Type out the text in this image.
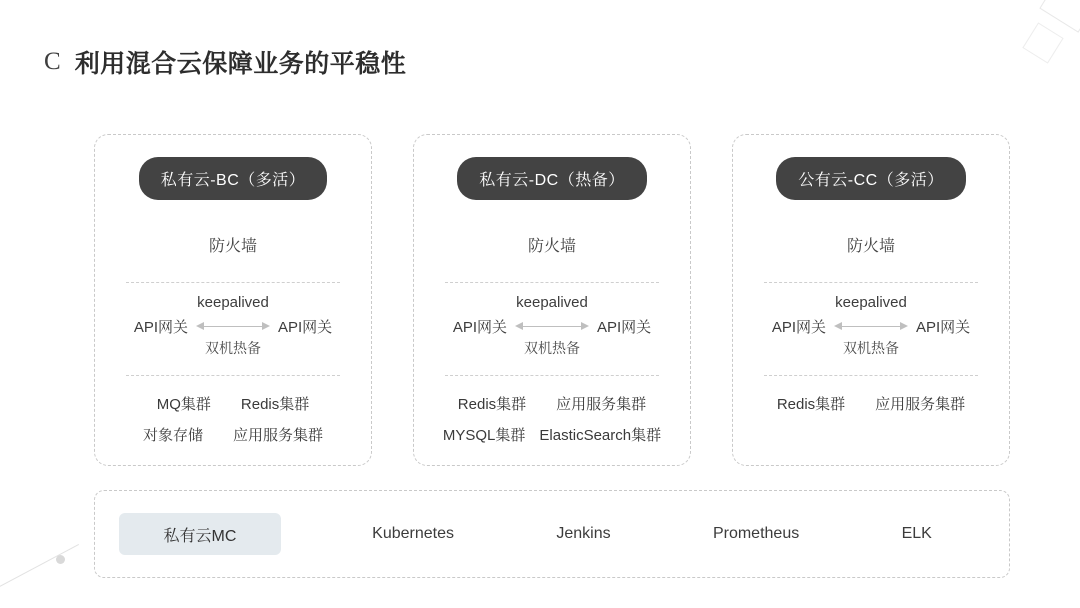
C 利用混合云保障业务的平稳性
私有云-BC（多活）
防火墙
keepalived
API网关	API网关
双机热备
MQ集群 Redis集群
对象存储 应用服务集群
私有云-DC（热备）
防火墙
keepalived
API网关	API网关
双机热备
Redis集群 应用服务集群
MYSQL集群 ElasticSearch集群
公有云-CC（多活）
防火墙
keepalived
API网关	API网关
双机热备
Redis集群 应用服务集群
私有云MC	Kubernetes	Jenkins	Prometheus	ELK
